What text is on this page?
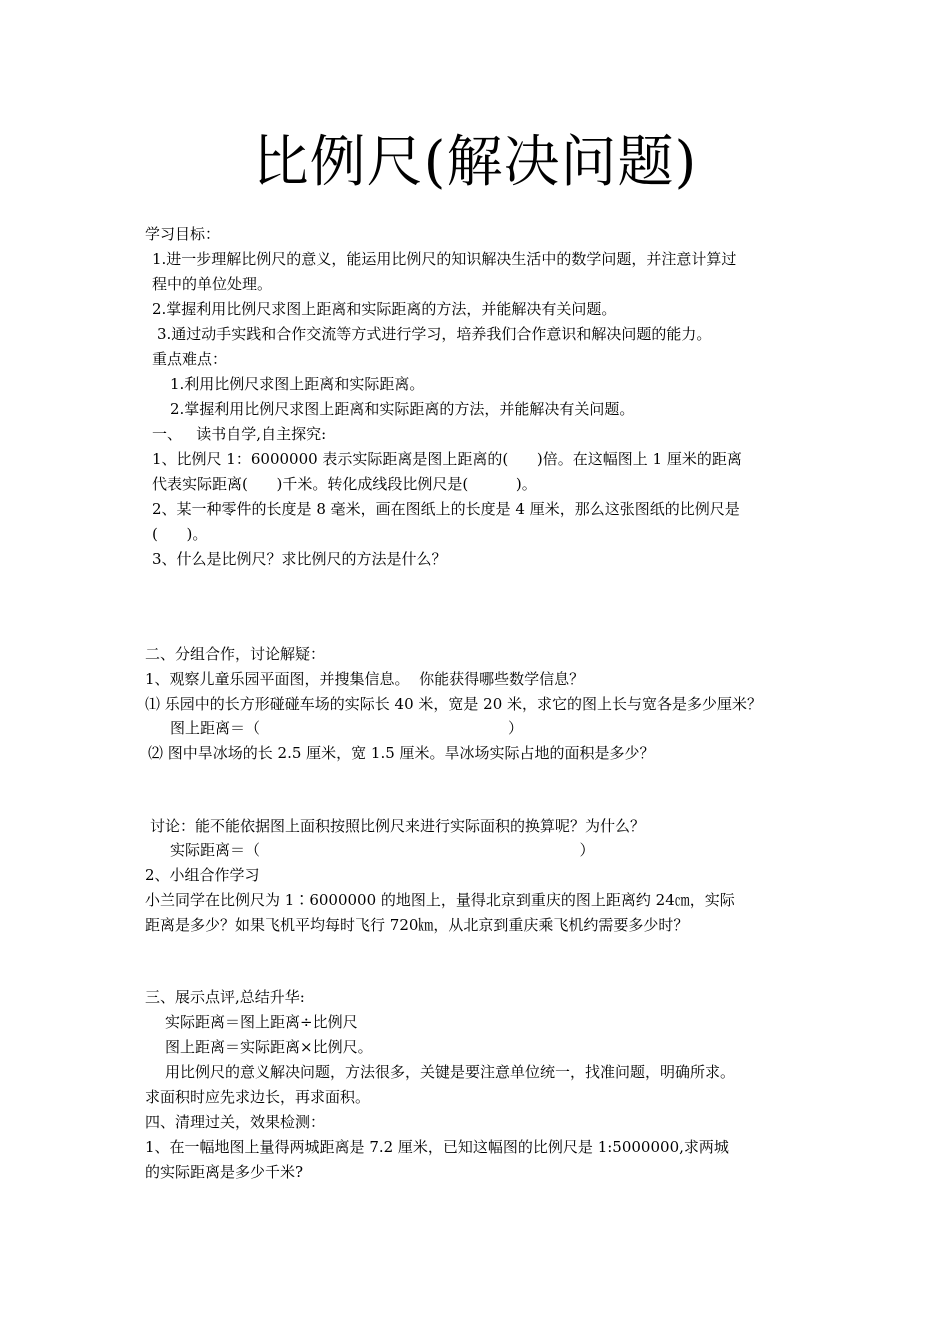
比例尺(解决问题)
学习目标：
1.进一步理解比例尺的意义，能运用比例尺的知识解决生活中的数学问题，并注意计算过
程中的单位处理。
2.掌握利用比例尺求图上距离和实际距离的方法，并能解决有关问题。
3.通过动手实践和合作交流等方式进行学习，培养我们合作意识和解决问题的能力。
重点难点：
1.利用比例尺求图上距离和实际距离。
2.掌握利用比例尺求图上距离和实际距离的方法，并能解决有关问题。
一、   读书自学,自主探究:
1、比例尺 1：6000000 表示实际距离是图上距离的(      )倍。在这幅图上 1 厘米的距离
代表实际距离(      )千米。转化成线段比例尺是(          )。
2、某一种零件的长度是 8 毫米，画在图纸上的长度是 4 厘米，那么这张图纸的比例尺是
(      )。
3、什么是比例尺？求比例尺的方法是什么？
二、分组合作，讨论解疑：
1、观察儿童乐园平面图，并搜集信息。  你能获得哪些数学信息？
⑴ 乐园中的长方形碰碰车场的实际长 40 米，宽是 20 米，求它的图上长与宽各是多少厘米？
图上距离＝（                                                    ）
⑵ 图中旱冰场的长 2.5 厘米，宽 1.5 厘米。旱冰场实际占地的面积是多少？
讨论：能不能依据图上面积按照比例尺来进行实际面积的换算呢？为什么？
实际距离＝（                                                                   ）
2、小组合作学习
小兰同学在比例尺为 1∶6000000 的地图上，量得北京到重庆的图上距离约 24㎝，实际
距离是多少？如果飞机平均每时飞行 720㎞，从北京到重庆乘飞机约需要多少时？
三、展示点评,总结升华:
实际距离＝图上距离÷比例尺
图上距离＝实际距离×比例尺。
用比例尺的意义解决问题，方法很多，关键是要注意单位统一，找准问题，明确所求。
求面积时应先求边长，再求面积。
四、清理过关，效果检测：
1、在一幅地图上量得两城距离是 7.2 厘米，已知这幅图的比例尺是 1:5000000,求两城
的实际距离是多少千米?
